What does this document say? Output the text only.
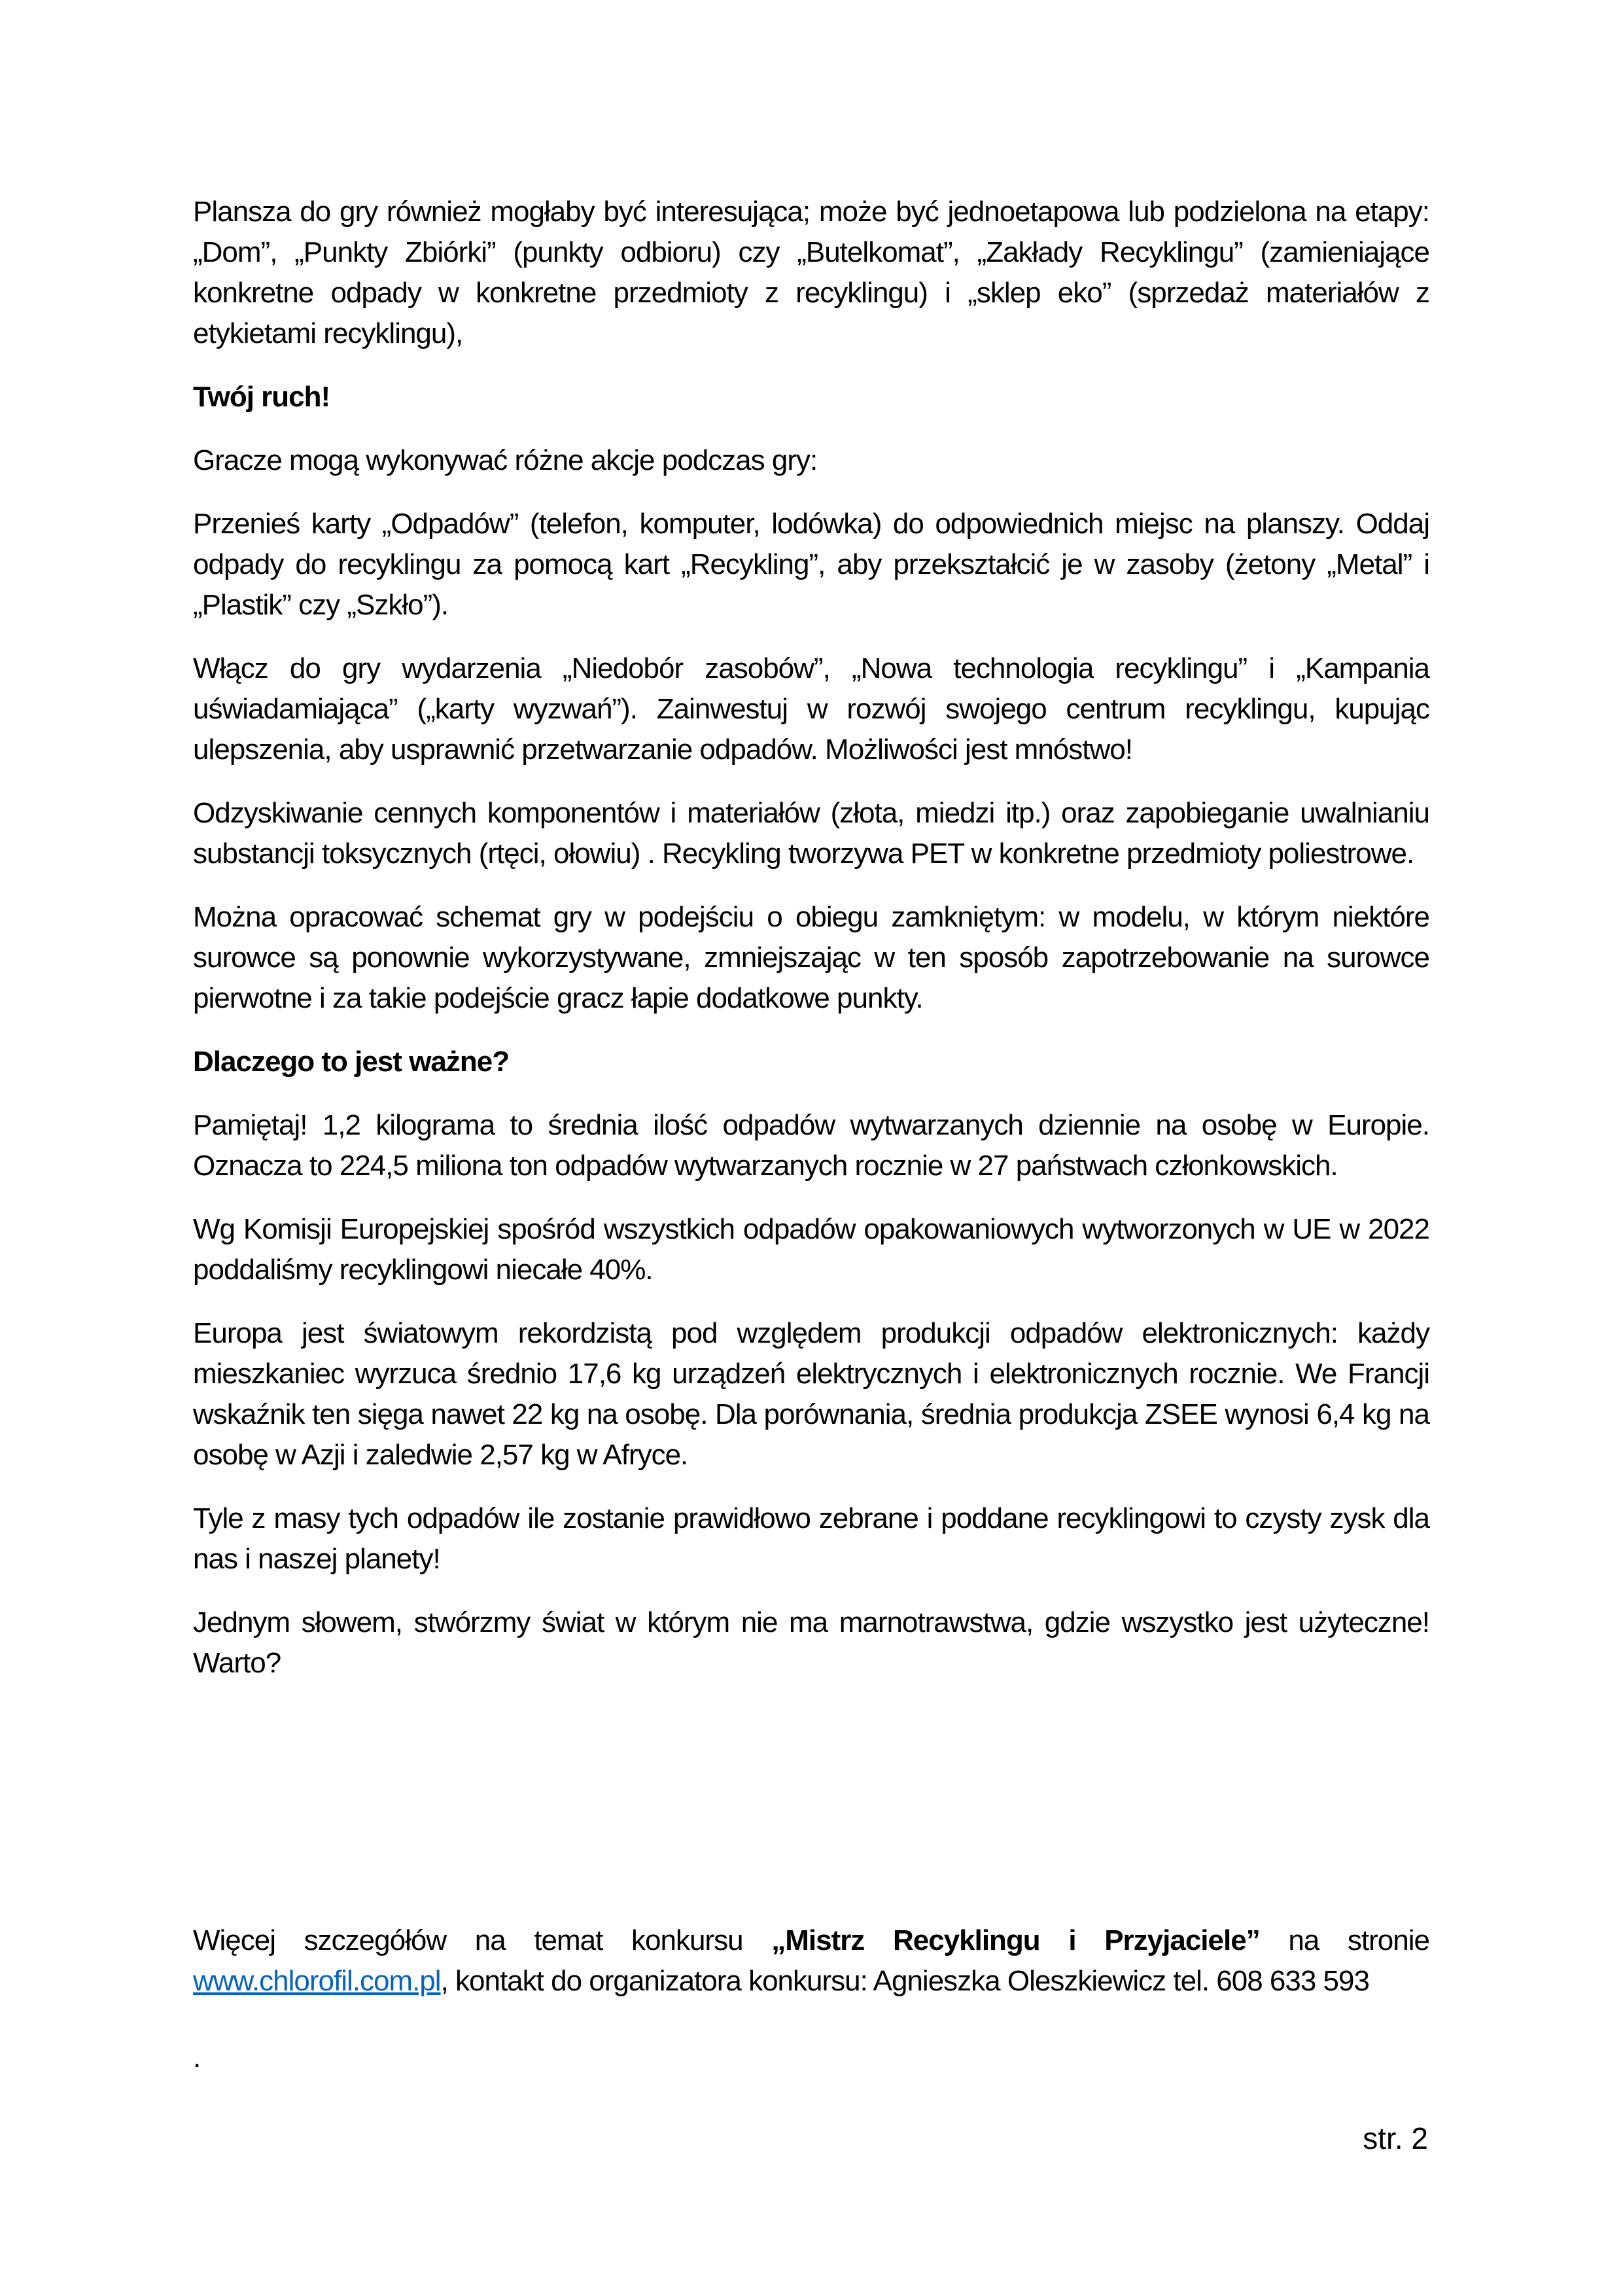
Plansza do gry również mogłaby być interesująca; może być jednoetapowa lub podzielona na etapy: „Dom”, „Punkty Zbiórki” (punkty odbioru) czy „Butelkomat”, „Zakłady Recyklingu” (zamieniające konkretne odpady w konkretne przedmioty z recyklingu) i „sklep eko” (sprzedaż materiałów z etykietami recyklingu),

Twój ruch!

Gracze mogą wykonywać różne akcje podczas gry:

Przenieś karty „Odpadów” (telefon, komputer, lodówka) do odpowiednich miejsc na planszy. Oddaj odpady do recyklingu za pomocą kart „Recykling”, aby przekształcić je w zasoby (żetony „Metal” i „Plastik” czy „Szkło”).

Włącz do gry wydarzenia „Niedobór zasobów”, „Nowa technologia recyklingu” i „Kampania uświadamiająca” („karty wyzwań”). Zainwestuj w rozwój swojego centrum recyklingu, kupując ulepszenia, aby usprawnić przetwarzanie odpadów. Możliwości jest mnóstwo!

Odzyskiwanie cennych komponentów i materiałów (złota, miedzi itp.) oraz zapobieganie uwalnianiu substancji toksycznych (rtęci, ołowiu) . Recykling tworzywa PET w konkretne przedmioty poliestrowe.

Można opracować schemat gry w podejściu o obiegu zamkniętym: w modelu, w którym niektóre surowce są ponownie wykorzystywane, zmniejszając w ten sposób zapotrzebowanie na surowce pierwotne i za takie podejście gracz łapie dodatkowe punkty.

Dlaczego to jest ważne?

Pamiętaj! 1,2 kilograma to średnia ilość odpadów wytwarzanych dziennie na osobę w Europie. Oznacza to 224,5 miliona ton odpadów wytwarzanych rocznie w 27 państwach członkowskich.

Wg Komisji Europejskiej spośród wszystkich odpadów opakowaniowych wytworzonych w UE w 2022 poddaliśmy recyklingowi niecałe 40%.

Europa jest światowym rekordzistą pod względem produkcji odpadów elektronicznych: każdy mieszkaniec wyrzuca średnio 17,6 kg urządzeń elektrycznych i elektronicznych rocznie. We Francji wskaźnik ten sięga nawet 22 kg na osobę. Dla porównania, średnia produkcja ZSEE wynosi 6,4 kg na osobę w Azji i zaledwie 2,57 kg w Afryce.

Tyle z masy tych odpadów ile zostanie prawidłowo zebrane i poddane recyklingowi to czysty zysk dla nas i naszej planety!

Jednym słowem, stwórzmy świat w którym nie ma marnotrawstwa, gdzie wszystko jest użyteczne! Warto?

Więcej szczegółów na temat konkursu „Mistrz Recyklingu i Przyjaciele” na stronie www.chlorofil.com.pl, kontakt do organizatora konkursu: Agnieszka Oleszkiewicz tel. 608 633 593

.

str. 2
